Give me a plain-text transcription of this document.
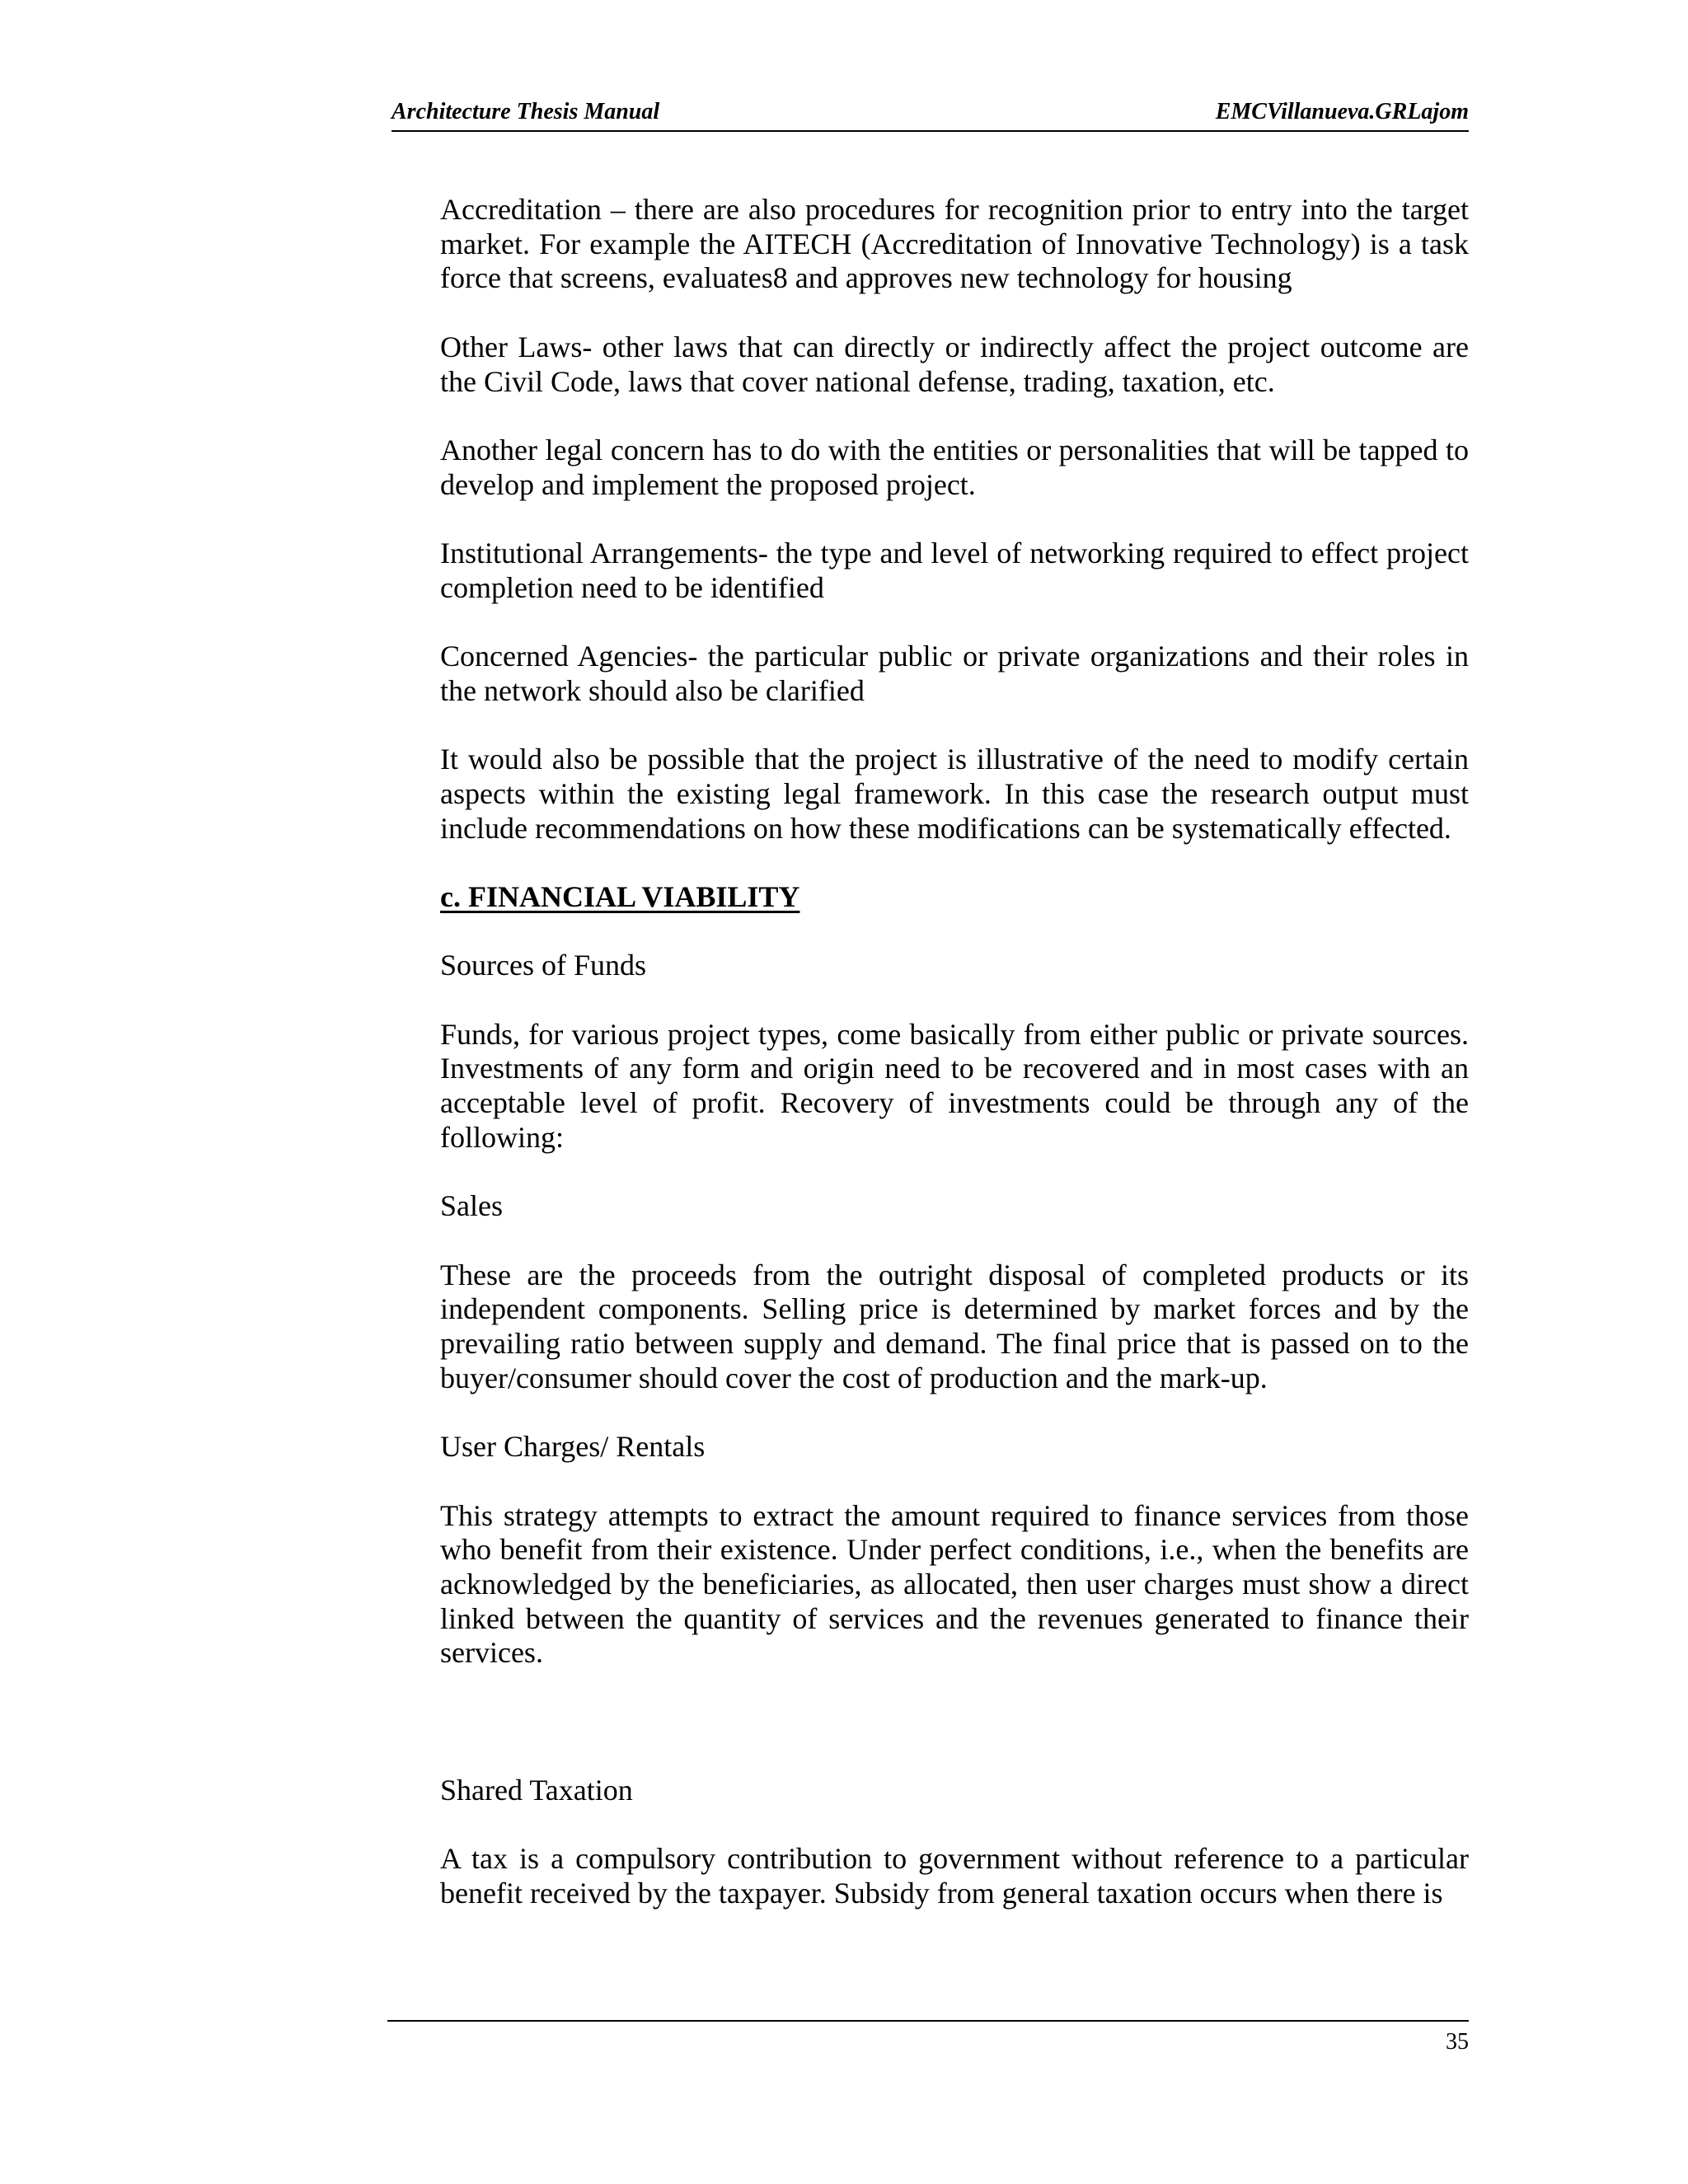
Architecture Thesis Manual	EMCVillanueva.GRLajom

Accreditation – there are also procedures for recognition prior to entry into the target market. For example the AITECH (Accreditation of Innovative Technology) is a task force that screens, evaluates8 and approves new technology for housing

Other Laws- other laws that can directly or indirectly affect the project outcome are the Civil Code, laws that cover national defense, trading, taxation, etc.

Another legal concern has to do with the entities or personalities that will be tapped to develop and implement the proposed project.

Institutional Arrangements- the type and level of networking required to effect project completion need to be identified

Concerned Agencies- the particular public or private organizations and their roles in the network should also be clarified

It would also be possible that the project is illustrative of the need to modify certain aspects within the existing legal framework. In this case the research output must include recommendations on how these modifications can be systematically effected.

c. FINANCIAL VIABILITY

Sources of Funds

Funds, for various project types, come basically from either public or private sources. Investments of any form and origin need to be recovered and in most cases with an acceptable level of profit. Recovery of investments could be through any of the following:

Sales

These are the proceeds from the outright disposal of completed products or its independent components. Selling price is determined by market forces and by the prevailing ratio between supply and demand. The final price that is passed on to the buyer/consumer should cover the cost of production and the mark-up.

User Charges/ Rentals

This strategy attempts to extract the amount required to finance services from those who benefit from their existence. Under perfect conditions, i.e., when the benefits are acknowledged by the beneficiaries, as allocated, then user charges must show a direct linked between the quantity of services and the revenues generated to finance their services.

Shared Taxation

A tax is a compulsory contribution to government without reference to a particular benefit received by the taxpayer. Subsidy from general taxation occurs when there is

35
